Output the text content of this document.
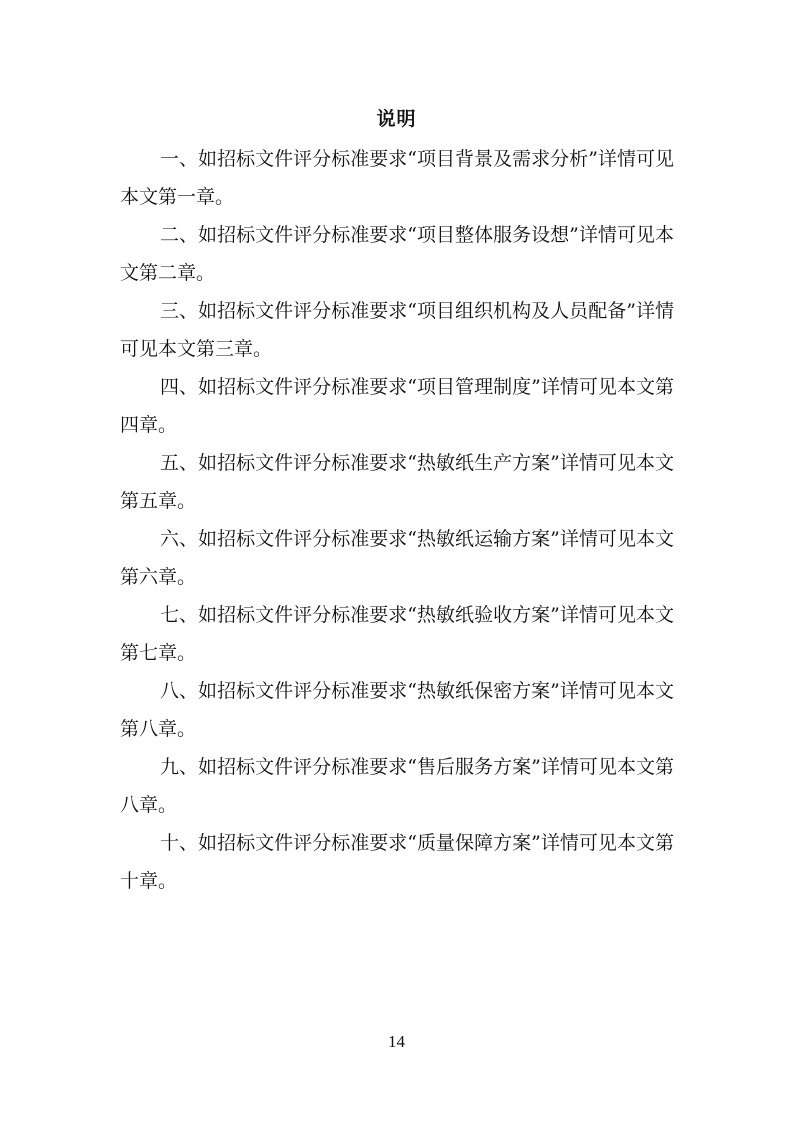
说明

一、如招标文件评分标准要求“项目背景及需求分析”详情可见本文第一章。

二、如招标文件评分标准要求“项目整体服务设想”详情可见本文第二章。

三、如招标文件评分标准要求“项目组织机构及人员配备”详情可见本文第三章。

四、如招标文件评分标准要求“项目管理制度”详情可见本文第四章。

五、如招标文件评分标准要求“热敏纸生产方案”详情可见本文第五章。

六、如招标文件评分标准要求“热敏纸运输方案”详情可见本文第六章。

七、如招标文件评分标准要求“热敏纸验收方案”详情可见本文第七章。

八、如招标文件评分标准要求“热敏纸保密方案”详情可见本文第八章。

九、如招标文件评分标准要求“售后服务方案”详情可见本文第八章。

十、如招标文件评分标准要求“质量保障方案”详情可见本文第十章。

14
